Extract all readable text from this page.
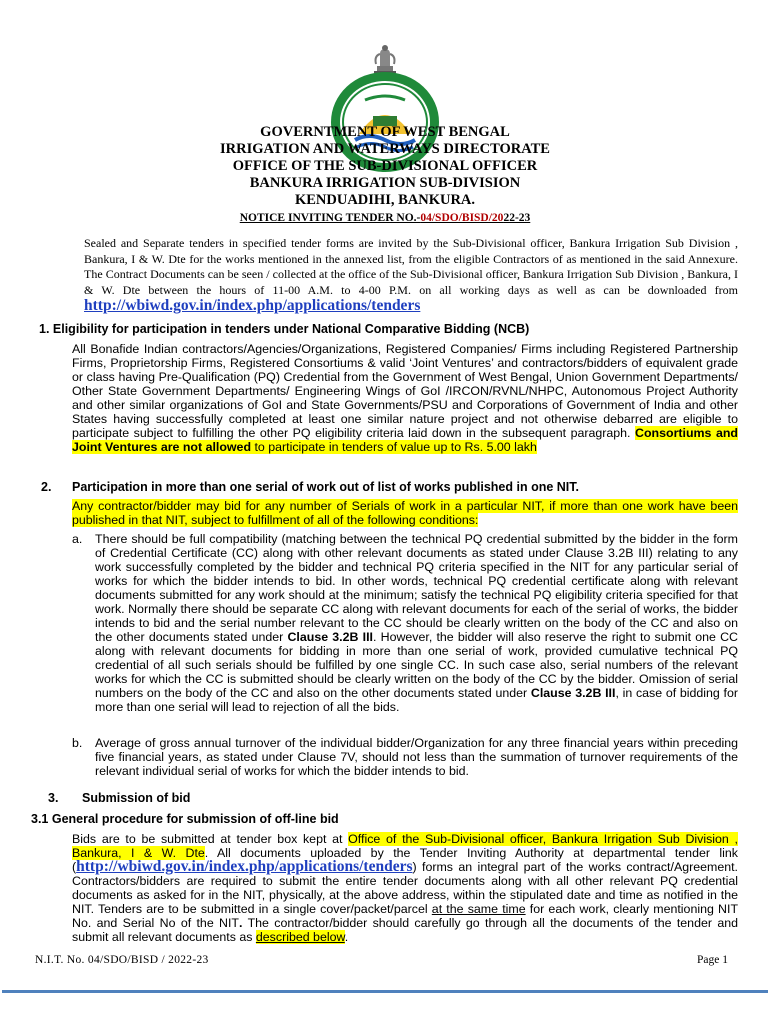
GOVERNTMENT OF WEST BENGAL
IRRIGATION AND WATERWAYS DIRECTORATE
OFFICE OF THE SUB-DIVISIONAL OFFICER
BANKURA IRRIGATION SUB-DIVISION
KENDUADIHI, BANKURA.
NOTICE INVITING TENDER NO.-04/SDO/BISD/2022-23
Sealed and Separate tenders in specified tender forms are invited by the Sub-Divisional officer, Bankura Irrigation Sub Division , Bankura, I & W. Dte for the works mentioned in the annexed list, from the eligible Contractors of as mentioned in the said Annexure. The Contract Documents can be seen / collected at the office of the Sub-Divisional officer, Bankura Irrigation Sub Division , Bankura, I & W. Dte between the hours of 11-00 A.M. to 4-00 P.M. on all working days as well as can be downloaded from http://wbiwd.gov.in/index.php/applications/tenders
1. Eligibility for participation in tenders under National Comparative Bidding (NCB)
All Bonafide Indian contractors/Agencies/Organizations, Registered Companies/ Firms including Registered Partnership Firms, Proprietorship Firms, Registered Consortiums & valid ‘Joint Ventures’ and contractors/bidders of equivalent grade or class having Pre-Qualification (PQ) Credential from the Government of West Bengal, Union Government Departments/ Other State Government Departments/ Engineering Wings of GoI /IRCON/RVNL/NHPC, Autonomous Project Authority and other similar organizations of GoI and State Governments/PSU and Corporations of Government of India and other States having successfully completed at least one similar nature project and not otherwise debarred are eligible to participate subject to fulfilling the other PQ eligibility criteria laid down in the subsequent paragraph. Consortiums and Joint Ventures are not allowed to participate in tenders of value up to Rs. 5.00 lakh
2. Participation in more than one serial of work out of list of works published in one NIT.
Any contractor/bidder may bid for any number of Serials of work in a particular NIT, if more than one work have been published in that NIT, subject to fulfillment of all of the following conditions:
a. There should be full compatibility (matching between the technical PQ credential submitted by the bidder in the form of Credential Certificate (CC) along with other relevant documents as stated under Clause 3.2B III) relating to any work successfully completed by the bidder and technical PQ criteria specified in the NIT for any particular serial of works for which the bidder intends to bid. In other words, technical PQ credential certificate along with relevant documents submitted for any work should at the minimum; satisfy the technical PQ eligibility criteria specified for that work. Normally there should be separate CC along with relevant documents for each of the serial of works, the bidder intends to bid and the serial number relevant to the CC should be clearly written on the body of the CC and also on the other documents stated under Clause 3.2B III. However, the bidder will also reserve the right to submit one CC along with relevant documents for bidding in more than one serial of work, provided cumulative technical PQ credential of all such serials should be fulfilled by one single CC. In such case also, serial numbers of the relevant works for which the CC is submitted should be clearly written on the body of the CC by the bidder. Omission of serial numbers on the body of the CC and also on the other documents stated under Clause 3.2B III, in case of bidding for more than one serial will lead to rejection of all the bids.
b. Average of gross annual turnover of the individual bidder/Organization for any three financial years within preceding five financial years, as stated under Clause 7V, should not less than the summation of turnover requirements of the relevant individual serial of works for which the bidder intends to bid.
3. Submission of bid
3.1 General procedure for submission of off-line bid
Bids are to be submitted at tender box kept at Office of the Sub-Divisional officer, Bankura Irrigation Sub Division , Bankura, I & W. Dte. All documents uploaded by the Tender Inviting Authority at departmental tender link (http://wbiwd.gov.in/index.php/applications/tenders) forms an integral part of the works contract/Agreement. Contractors/bidders are required to submit the entire tender documents along with all other relevant PQ credential documents as asked for in the NIT, physically, at the above address, within the stipulated date and time as notified in the NIT. Tenders are to be submitted in a single cover/packet/parcel at the same time for each work, clearly mentioning NIT No. and Serial No of the NIT. The contractor/bidder should carefully go through all the documents of the tender and submit all relevant documents as described below.
N.I.T. No. 04/SDO/BISD / 2022-23	Page 1
